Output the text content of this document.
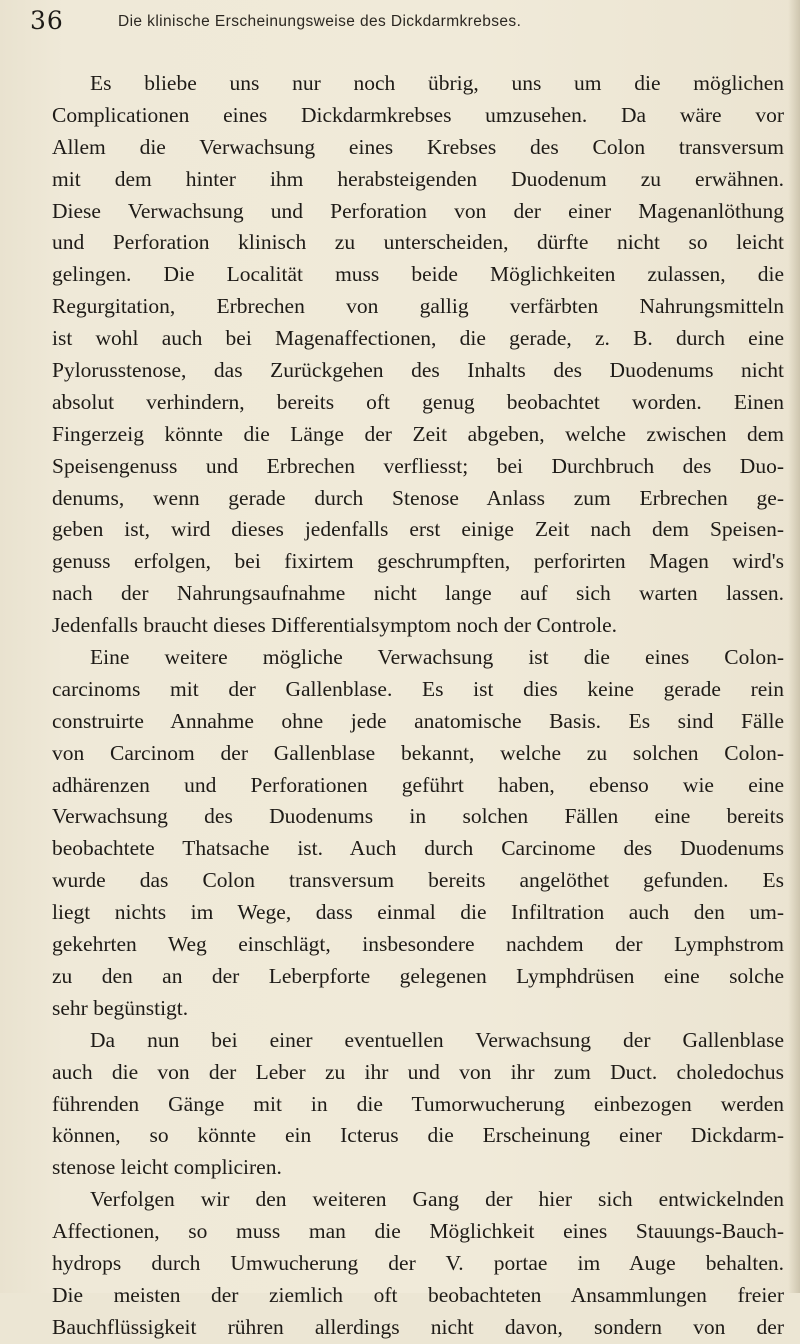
36	Die klinische Erscheinungsweise des Dickdarmkrebses.
Es bliebe uns nur noch übrig, uns um die möglichen
Complicationen eines Dickdarmkrebses umzusehen. Da wäre vor
Allem die Verwachsung eines Krebses des Colon transversum
mit dem hinter ihm herabsteigenden Duodenum zu erwähnen.
Diese Verwachsung und Perforation von der einer Magenanlöthung
und Perforation klinisch zu unterscheiden, dürfte nicht so leicht
gelingen. Die Localität muss beide Möglichkeiten zulassen, die
Regurgitation, Erbrechen von gallig verfärbten Nahrungsmitteln
ist wohl auch bei Magenaffectionen, die gerade, z. B. durch eine
Pylorusstenose, das Zurückgehen des Inhalts des Duodenums nicht
absolut verhindern, bereits oft genug beobachtet worden. Einen
Fingerzeig könnte die Länge der Zeit abgeben, welche zwischen dem
Speisengenuss und Erbrechen verfliesst; bei Durchbruch des Duo-
denums, wenn gerade durch Stenose Anlass zum Erbrechen ge-
geben ist, wird dieses jedenfalls erst einige Zeit nach dem Speisen-
genuss erfolgen, bei fixirtem geschrumpften, perforirten Magen wird's
nach der Nahrungsaufnahme nicht lange auf sich warten lassen.
Jedenfalls braucht dieses Differentialsymptom noch der Controle.
Eine weitere mögliche Verwachsung ist die eines Colon-
carcinoms mit der Gallenblase. Es ist dies keine gerade rein
construirte Annahme ohne jede anatomische Basis. Es sind Fälle
von Carcinom der Gallenblase bekannt, welche zu solchen Colon-
adhärenzen und Perforationen geführt haben, ebenso wie eine
Verwachsung des Duodenums in solchen Fällen eine bereits
beobachtete Thatsache ist. Auch durch Carcinome des Duodenums
wurde das Colon transversum bereits angelöthet gefunden. Es
liegt nichts im Wege, dass einmal die Infiltration auch den um-
gekehrten Weg einschlägt, insbesondere nachdem der Lymphstrom
zu den an der Leberpforte gelegenen Lymphdrüsen eine solche
sehr begünstigt.
Da nun bei einer eventuellen Verwachsung der Gallenblase
auch die von der Leber zu ihr und von ihr zum Duct. choledochus
führenden Gänge mit in die Tumorwucherung einbezogen werden
können, so könnte ein Icterus die Erscheinung einer Dickdarm-
stenose leicht compliciren.
Verfolgen wir den weiteren Gang der hier sich entwickelnden
Affectionen, so muss man die Möglichkeit eines Stauungs-Bauch-
hydrops durch Umwucherung der V. portae im Auge behalten.
Die meisten der ziemlich oft beobachteten Ansammlungen freier
Bauchflüssigkeit rühren allerdings nicht davon, sondern von der
